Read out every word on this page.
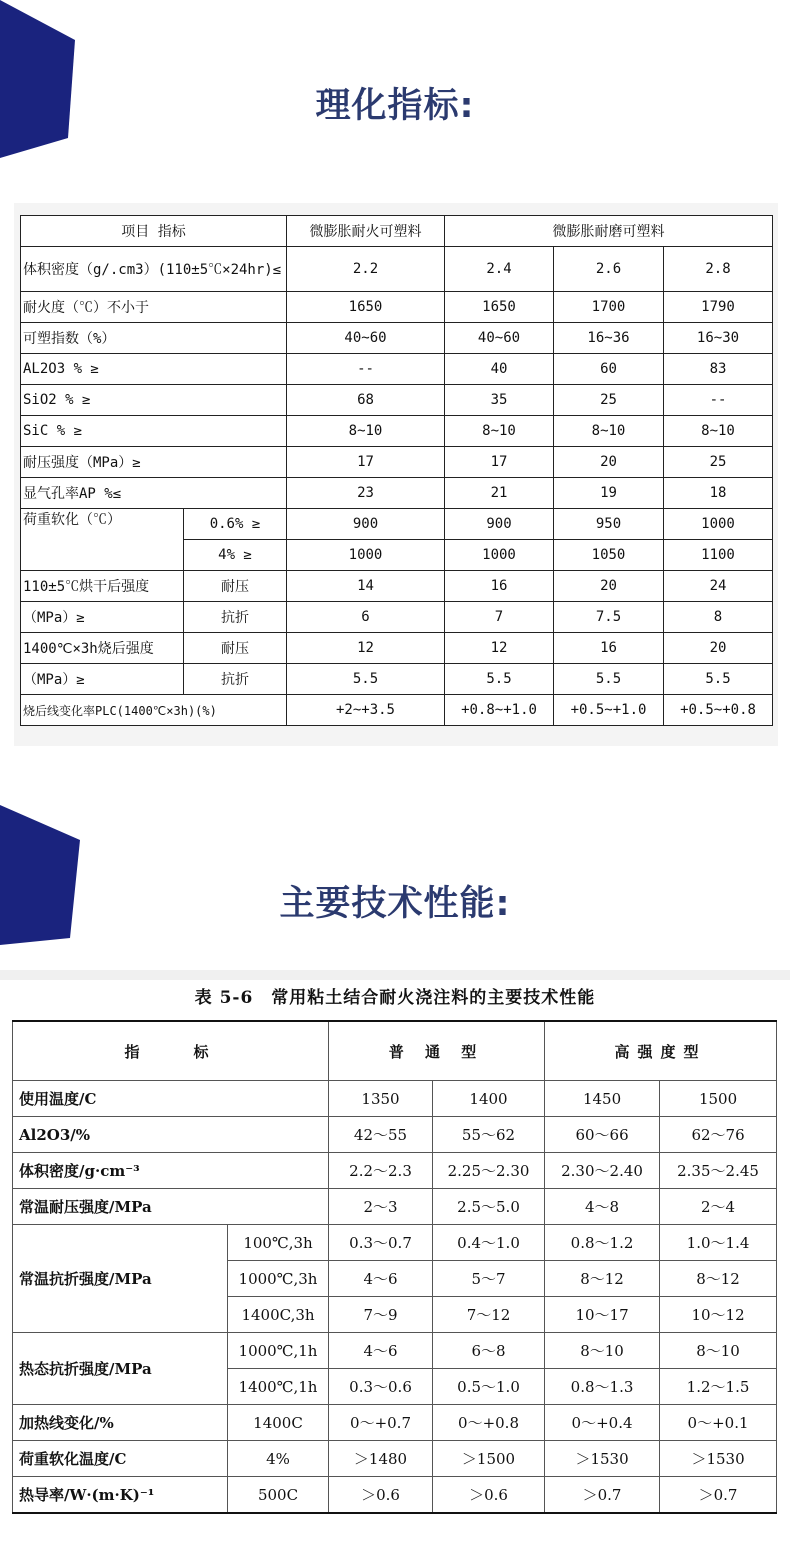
理化指标:
项目 指标		微膨胀耐火可塑料	微膨胀耐磨可塑料		
体积密度（g/.cm3）(110±5℃×24hr)≤		2.2	2.4	2.6	2.8
耐火度（℃）不小于		1650	1650	1700	1790
可塑指数（%）		40~60	40~60	16~36	16~30
AL2O3 % ≥		--	40	60	83
SiO2 % ≥		68	35	25	--
SiC % ≥		8~10	8~10	8~10	8~10
耐压强度（MPa）≥		17	17	20	25
显气孔率AP %≤		23	21	19	18
荷重软化（℃）	0.6% ≥	900	900	950	1000
	4% ≥	1000	1000	1050	1100
110±5℃烘干后强度	耐压	14	16	20	24
（MPa）≥	抗折	6	7	7.5	8
1400℃×3h烧后强度	耐压	12	12	16	20
（MPa）≥	抗折	5.5	5.5	5.5	5.5
烧后线变化率PLC(1400℃×3h)(%)		+2~+3.5	+0.8~+1.0	+0.5~+1.0	+0.5~+0.8
主要技术性能:
表 5-6　常用粘土结合耐火浇注料的主要技术性能
指　　标		普 通 型		高强度型	
使用温度/C		1350	1400	1450	1500
Al2O3/%		42～55	55～62	60～66	62～76
体积密度/g·cm⁻³		2.2～2.3	2.25～2.30	2.30～2.40	2.35～2.45
常温耐压强度/MPa		2～3	2.5～5.0	4～8	2～4
常温抗折强度/MPa	100℃,3h	0.3～0.7	0.4～1.0	0.8～1.2	1.0～1.4
	1000℃,3h	4～6	5～7	8～12	8～12
	1400C,3h	7～9	7～12	10～17	10～12
热态抗折强度/MPa	1000℃,1h	4～6	6～8	8～10	8～10
	1400℃,1h	0.3～0.6	0.5～1.0	0.8～1.3	1.2～1.5
加热线变化/%	1400C	0～+0.7	0～+0.8	0～+0.4	0～+0.1
荷重软化温度/C	4%	＞1480	＞1500	＞1530	＞1530
热导率/W·(m·K)⁻¹	500C	＞0.6	＞0.6	＞0.7	＞0.7
